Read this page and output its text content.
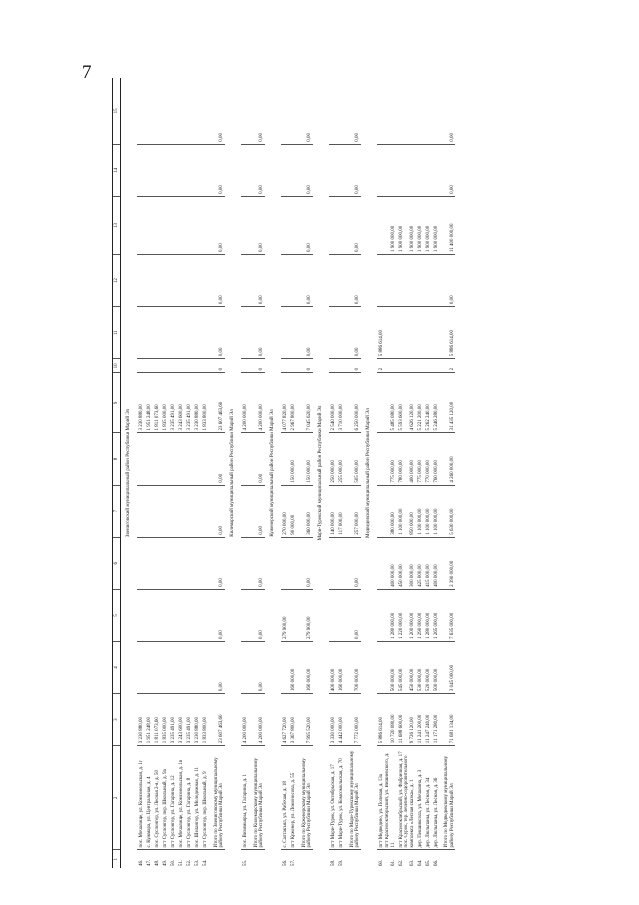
7
1	2	3	4	5	6	7	8	9	10	11	12	13	14	15
Звениговский муниципальный район Республики Марий Эл														
46.	пос. Мочалище, ул. Комсомольская, д. 1г	3 230 880,00						3 230 880,00						
47.	с. Кужмара, ул. Центральная, д. 4	1 951 248,00						1 951 248,00						
48.	пос. Суслонгер, ул. Лесная 2-я, д. 50	1 811 073,60						1 811 073,60						
49.	пгт Суслонгер, пер. Школьный, д. 9а	1 835 000,00						1 835 000,00						
50.	пгт Суслонгер, ул. Гагарина, д. 12	3 235 491,00						3 235 491,00						
51.	пос. Мочалище, ул. Комсомольская, д. 1в	3 243 600,00						3 243 600,00						
52.	пгт Суслонгер, ул. Гагарина, д. 8	3 235 491,00						3 235 491,00						
53.	пос. Шелангер, ул. Молодежная, д. 11	3 230 880,00						3 230 880,00						
54.	пгт Суслонгер, пер. Школьный, д. 9	1 833 800,00						1 833 800,00						
	Итого по Звениговскому муниципальному району Республики Марий Эл	23 607 463,60	0,00	0,00	0,00	0,00	0,00	23 607 463,60	0	0,00	0,00	0,00	0,00	0,00
Килемарский муниципальный район Республики Марий Эл														
55.	пос. Визимьяры, ул. Гагарина, д. 1	4 200 000,00						4 200 000,00						
	Итого по Килемарскому муниципальному району Республики Марий Эл	4 200 000,00	0,00	0,00	0,00	0,00	0,00	4 200 000,00	0	0,00	0,00	0,00	0,00	0,00
Куженерский муниципальный район Республики Марий Эл														
56.	с. Салтакъял, ул. Рабочая, д. 18	4 627 720,00		279 900,00		270 000,00		4 077 820,00						
57.	пгт Куженер, ул. Ломоносова, д. 55	3 367 800,00	160 000,00			90 000,00	150 000,00	2 967 800,00						
	Итого по Куженерскому муниципальному району Республики Марий Эл	7 995 520,00	160 000,00	279 900,00	0,00	360 000,00	150 000,00	7 045 620,00	0	0,00	0,00	0,00	0,00	0,00
Мари-Турекский муниципальный район Республики Марий Эл														
58.	пгт Мари-Турек, ул. Октябрьская, д. 17	3 330 000,00	400 000,00			140 000,00	250 000,00	2 540 000,00						
59.	пгт Мари-Турек, ул. Комсомольская, д. 70	4 442 000,00	160 000,00			117 000,00	255 000,00	3 710 000,00						
	Итого по Мари-Турекскому муниципальному району Республики Марий Эл	7 772 000,00	700 000,00	0,00	0,00	257 000,00	505 000,00	6 250 000,00	0	0,00	0,00	0,00	0,00	0,00
Медведевский муниципальный район Республики Марий Эл														
60.	пгт Медведево, ул. Полевая, д. 13а	5 886 614,00							2	5 886 614,00				
61.	пгт Краснооктябрьский, ул. Вишневского, д. 11	10 720 080,00	500 000,00	1 280 000,00	400 000,00	380 000,00	775 000,00	5 485 080,00				1 900 000,00		
62.	пгт Краснооктябрьский, ул. Фабричная, д. 17	11 688 600,00	545 000,00	1 220 000,00	450 000,00	1 100 000,00	780 000,00	5 593 600,00				1 900 000,00		
63.	пос. Сурок, тер. лечебно-оздоровительного комплекса «Лесная сказка», д. 1	9 726 120,00	450 000,00	1 200 000,00	300 000,00	850 000,00	400 000,00	4 626 120,00				1 900 000,00		
64.	дер. Пекшиксола, ул. Мочалина, д. 3	11 241 200,00	530 000,00	1 290 000,00	425 000,00	1 100 000,00	775 000,00	5 221 200,00				1 900 000,00		
65.	дер. Люльпаны, ул. Лесная, д. 34	11 247 240,00	520 000,00	1 280 000,00	415 000,00	1 100 000,00	770 000,00	5 262 240,00				1 900 000,00		
66.	дер. Люльпаны, ул. Лесная, д. 36	11 171 280,00	500 000,00	1 265 000,00	400 000,00	1 100 000,00	760 000,00	5 246 280,00				1 900 000,00		
	Итого по Медведевскому муниципальному району Республики Марий Эл	71 681 134,00	3 045 000,00	7 635 000,00	2 390 000,00	5 630 000,00	4 260 000,00	31 435 120,00	2	5 886 614,00	0,00	11 400 000,00	0,00	0,00
